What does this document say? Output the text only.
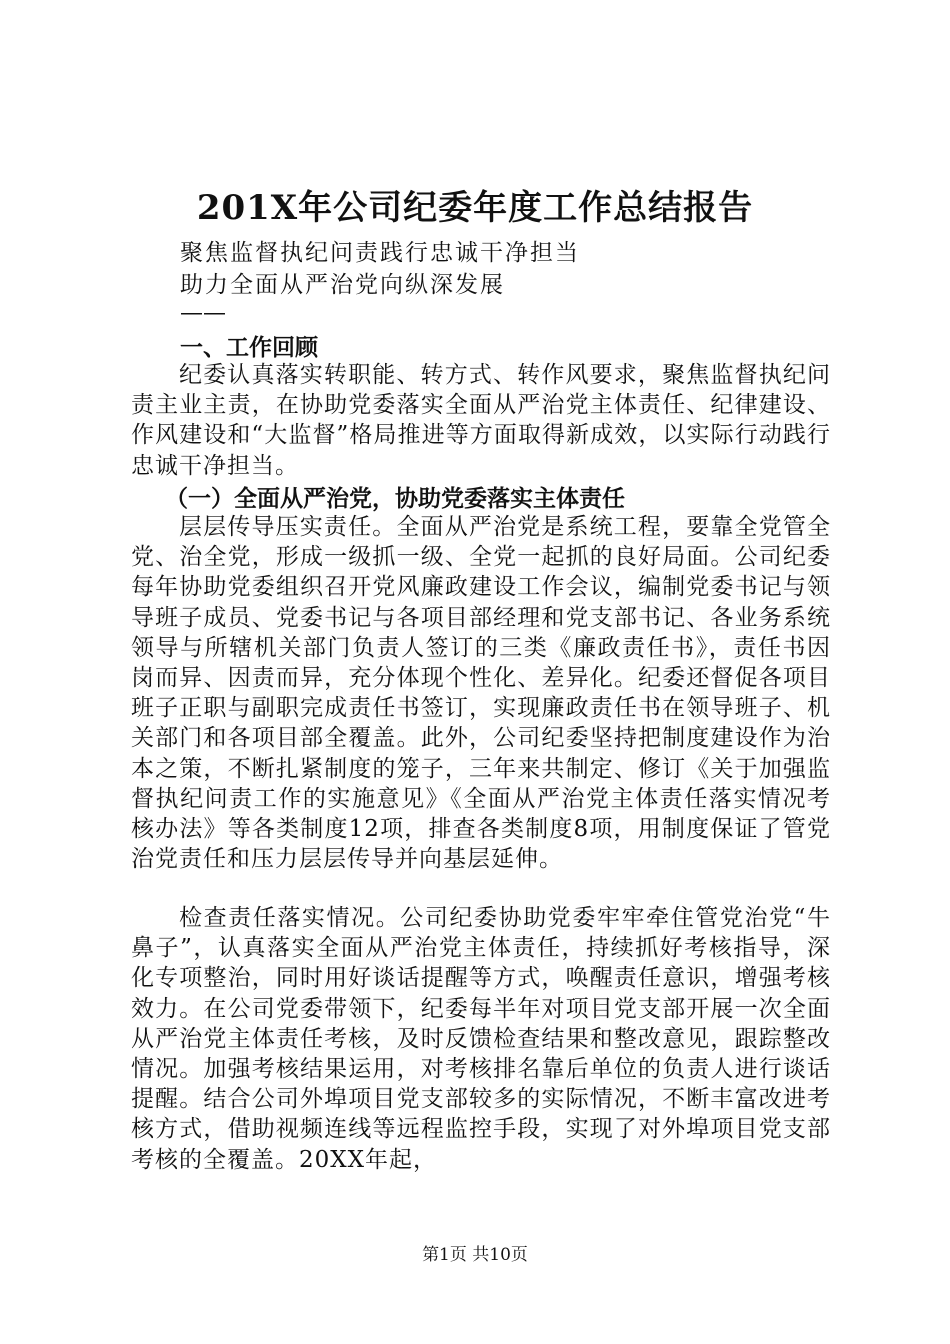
201X年公司纪委年度工作总结报告
聚焦监督执纪问责践行忠诚干净担当
助力全面从严治党向纵深发展
——
一、工作回顾
纪委认真落实转职能、转方式、转作风要求，聚焦监督执纪问责主业主责，在协助党委落实全面从严治党主体责任、纪律建设、作风建设和“大监督”格局推进等方面取得新成效，以实际行动践行忠诚干净担当。
（一）全面从严治党，协助党委落实主体责任
层层传导压实责任。全面从严治党是系统工程，要靠全党管全党、治全党，形成一级抓一级、全党一起抓的良好局面。公司纪委每年协助党委组织召开党风廉政建设工作会议，编制党委书记与领导班子成员、党委书记与各项目部经理和党支部书记、各业务系统领导与所辖机关部门负责人签订的三类《廉政责任书》，责任书因岗而异、因责而异，充分体现个性化、差异化。纪委还督促各项目班子正职与副职完成责任书签订，实现廉政责任书在领导班子、机关部门和各项目部全覆盖。此外，公司纪委坚持把制度建设作为治本之策，不断扎紧制度的笼子，三年来共制定、修订《关于加强监督执纪问责工作的实施意见》《全面从严治党主体责任落实情况考核办法》等各类制度12项，排查各类制度8项，用制度保证了管党治党责任和压力层层传导并向基层延伸。
检查责任落实情况。公司纪委协助党委牢牢牵住管党治党“牛鼻子”，认真落实全面从严治党主体责任，持续抓好考核指导，深化专项整治，同时用好谈话提醒等方式，唤醒责任意识，增强考核效力。在公司党委带领下，纪委每半年对项目党支部开展一次全面从严治党主体责任考核，及时反馈检查结果和整改意见，跟踪整改情况。加强考核结果运用，对考核排名靠后单位的负责人进行谈话提醒。结合公司外埠项目党支部较多的实际情况，不断丰富改进考核方式，借助视频连线等远程监控手段，实现了对外埠项目党支部考核的全覆盖。20XX年起，
第1页 共10页
